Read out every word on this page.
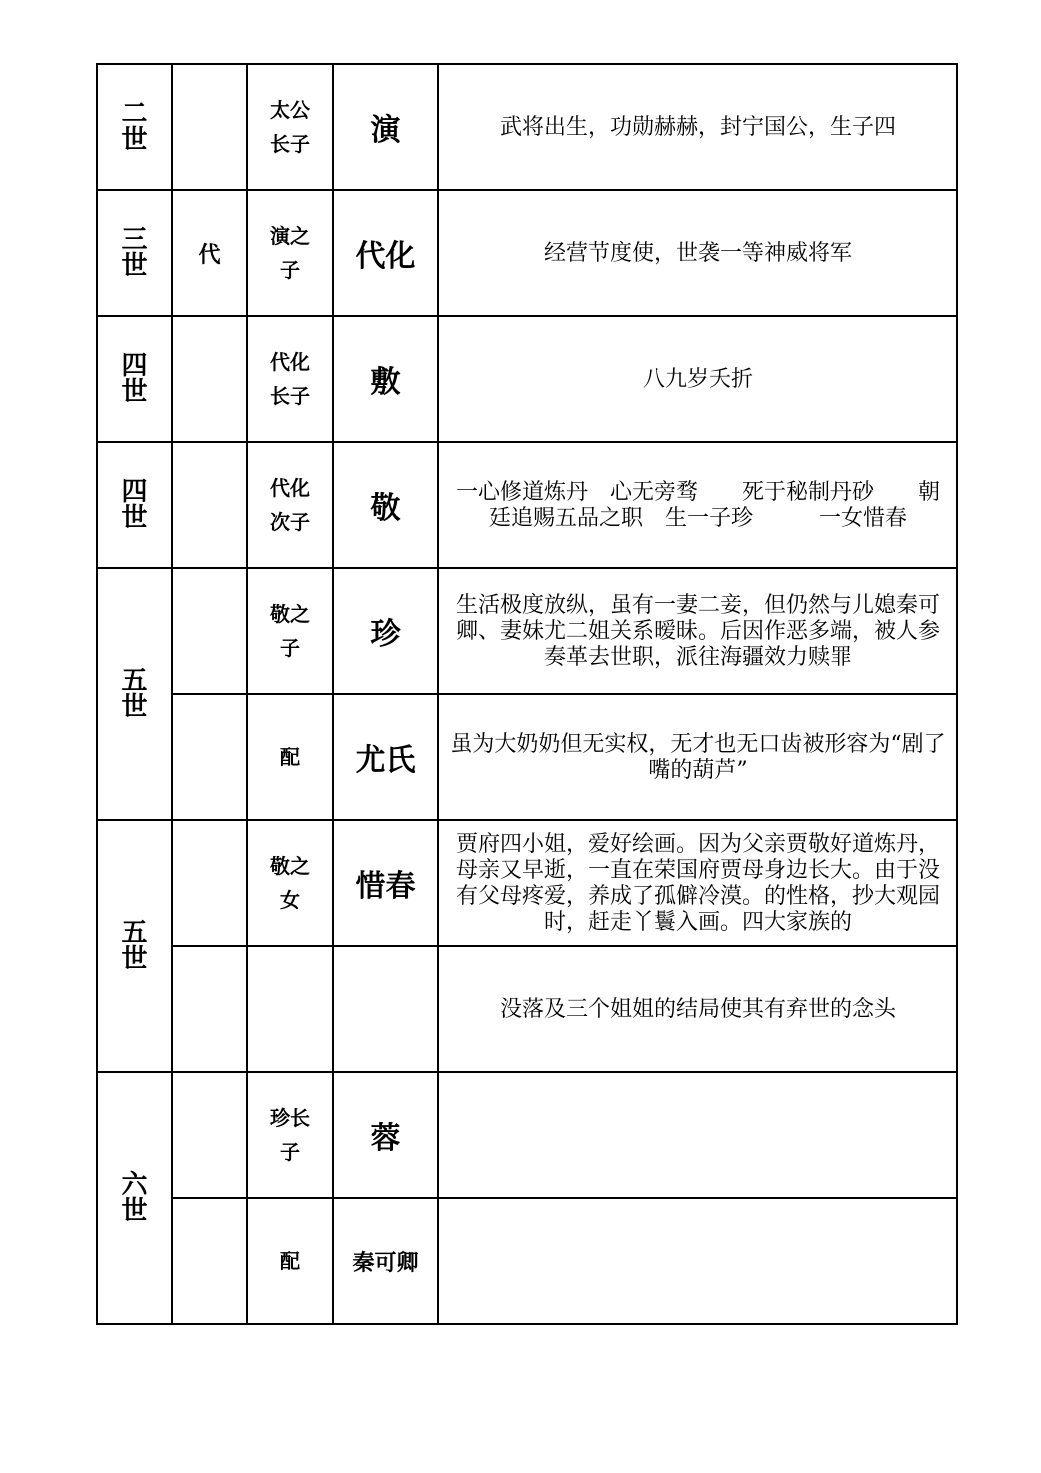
二世		太公长子	演	武将出生，功勋赫赫，封宁国公，生子四

三世	代	演之子	代化	经营节度使，世袭一等神威将军

四世		代化长子	敷	八九岁夭折

四世		代化次子	敬	一心修道炼丹　心无旁骛　　死于秘制丹砂　　朝廷追赐五品之职　生一子珍　　　一女惜春

五世		敬之子	珍	生活极度放纵，虽有一妻二妾，但仍然与儿媳秦可卿、妻妹尤二姐关系暧昧。后因作恶多端，被人参奏革去世职，派往海疆效力赎罪

		配	尤氏	虽为大奶奶但无实权，无才也无口齿被形容为“剧了嘴的葫芦”

五世		敬之女	惜春	贾府四小姐，爱好绘画。因为父亲贾敬好道炼丹，母亲又早逝，一直在荣国府贾母身边长大。由于没有父母疼爱，养成了孤僻冷漠。的性格，抄大观园时，赶走丫鬟入画。四大家族的

				没落及三个姐姐的结局使其有弃世的念头

六世		珍长子	蓉	

		配	秦可卿	
